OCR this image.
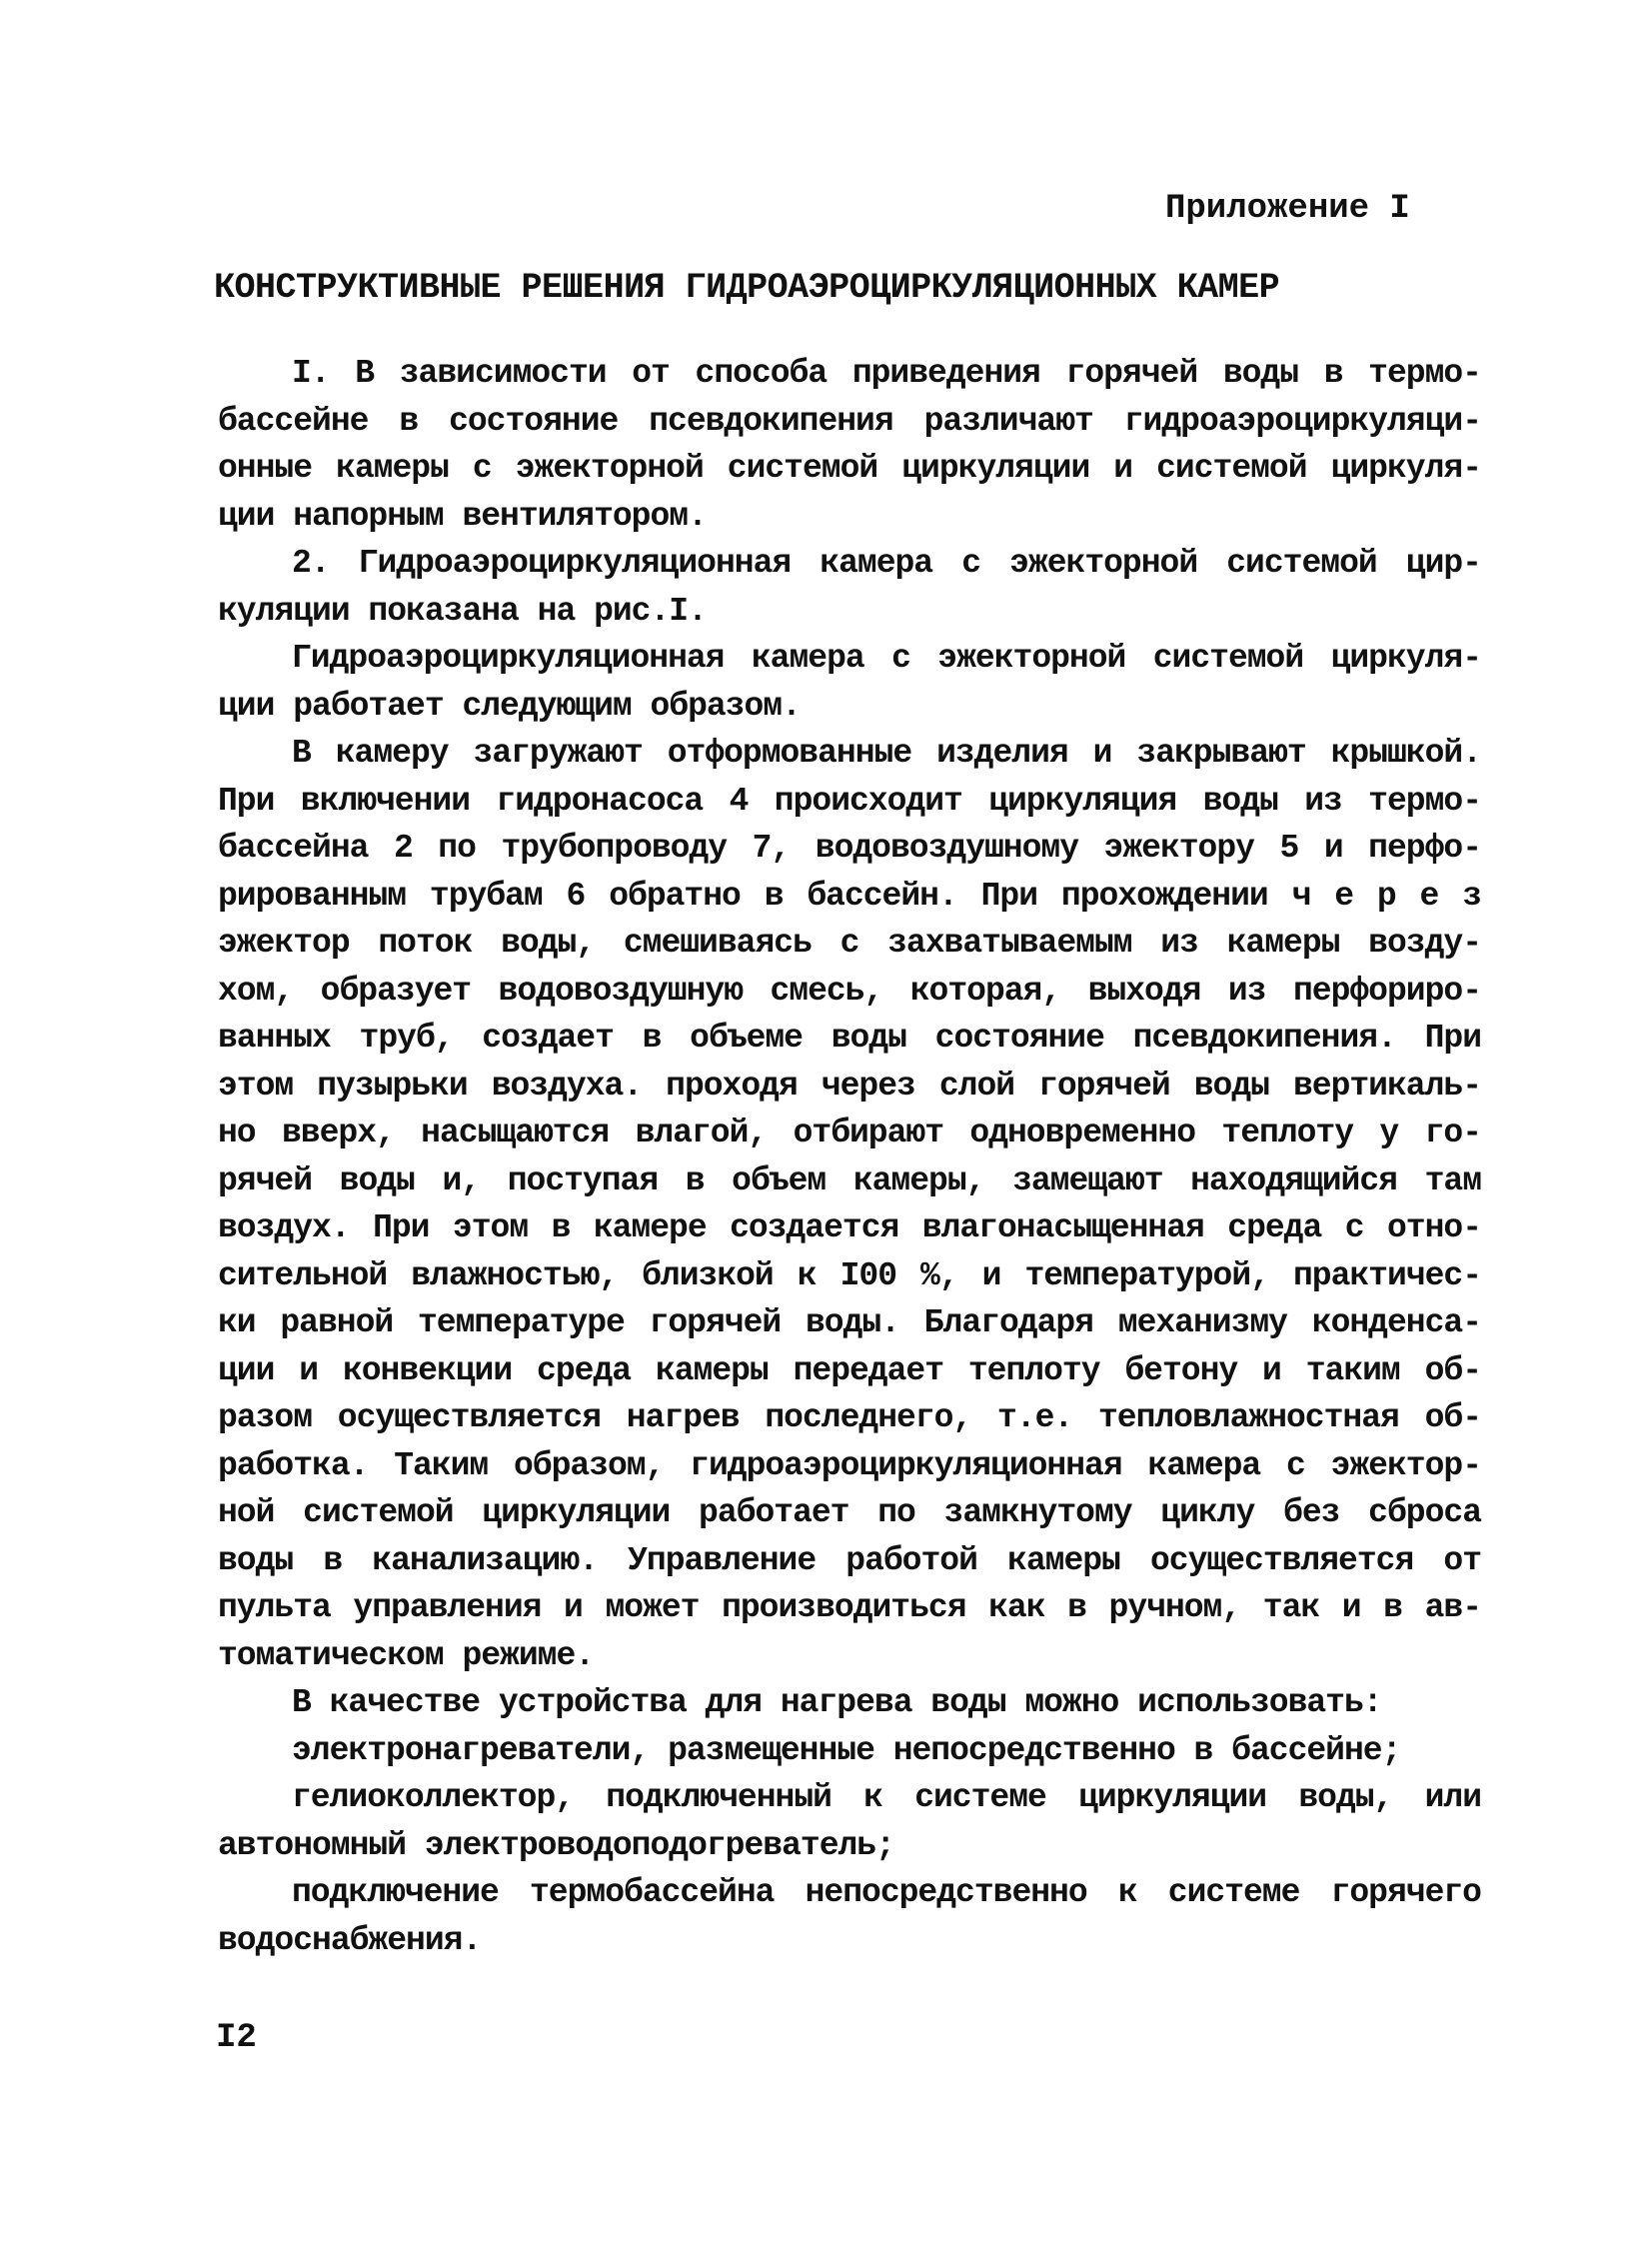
Приложение I
КОНСТРУКТИВНЫЕ РЕШЕНИЯ ГИДРОАЭРОЦИРКУЛЯЦИОННЫХ КАМЕР
I. В зависимости от способа приведения горячей воды в термо-
бассейне в состояние псевдокипения различают гидроаэроциркуляци-
онные камеры с эжекторной системой циркуляции и системой циркуля-
ции напорным вентилятором.
2. Гидроаэроциркуляционная камера с эжекторной системой цир-
куляции показана на рис.I.
Гидроаэроциркуляционная камера с эжекторной системой циркуля-
ции работает следующим образом.
В камеру загружают отформованные изделия и закрывают крышкой.
При включении гидронасоса 4 происходит циркуляция воды из термо-
бассейна 2 по трубопроводу 7, водовоздушному эжектору 5 и перфо-
рированным трубам 6 обратно в бассейн. При прохождении ч е р е з
эжектор поток воды, смешиваясь с захватываемым из камеры возду-
хом, образует водовоздушную смесь, которая, выходя из перфориро-
ванных труб, создает в объеме воды состояние псевдокипения. При
этом пузырьки воздуха. проходя через слой горячей воды вертикаль-
но вверх, насыщаются влагой, отбирают одновременно теплоту у го-
рячей воды и, поступая в объем камеры, замещают находящийся там
воздух. При этом в камере создается влагонасыщенная среда с отно-
сительной влажностью, близкой к I00 %, и температурой, практичес-
ки равной температуре горячей воды. Благодаря механизму конденса-
ции и конвекции среда камеры передает теплоту бетону и таким об-
разом осуществляется нагрев последнего, т.е. тепловлажностная об-
работка. Таким образом, гидроаэроциркуляционная камера с эжектор-
ной системой циркуляции работает по замкнутому циклу без сброса
воды в канализацию. Управление работой камеры осуществляется от
пульта управления и может производиться как в ручном, так и в ав-
томатическом режиме.
В качестве устройства для нагрева воды можно использовать:
электронагреватели, размещенные непосредственно в бассейне;
гелиоколлектор, подключенный к системе циркуляции воды, или
автономный электроводоподогреватель;
подключение термобассейна непосредственно к системе горячего
водоснабжения.
I2
